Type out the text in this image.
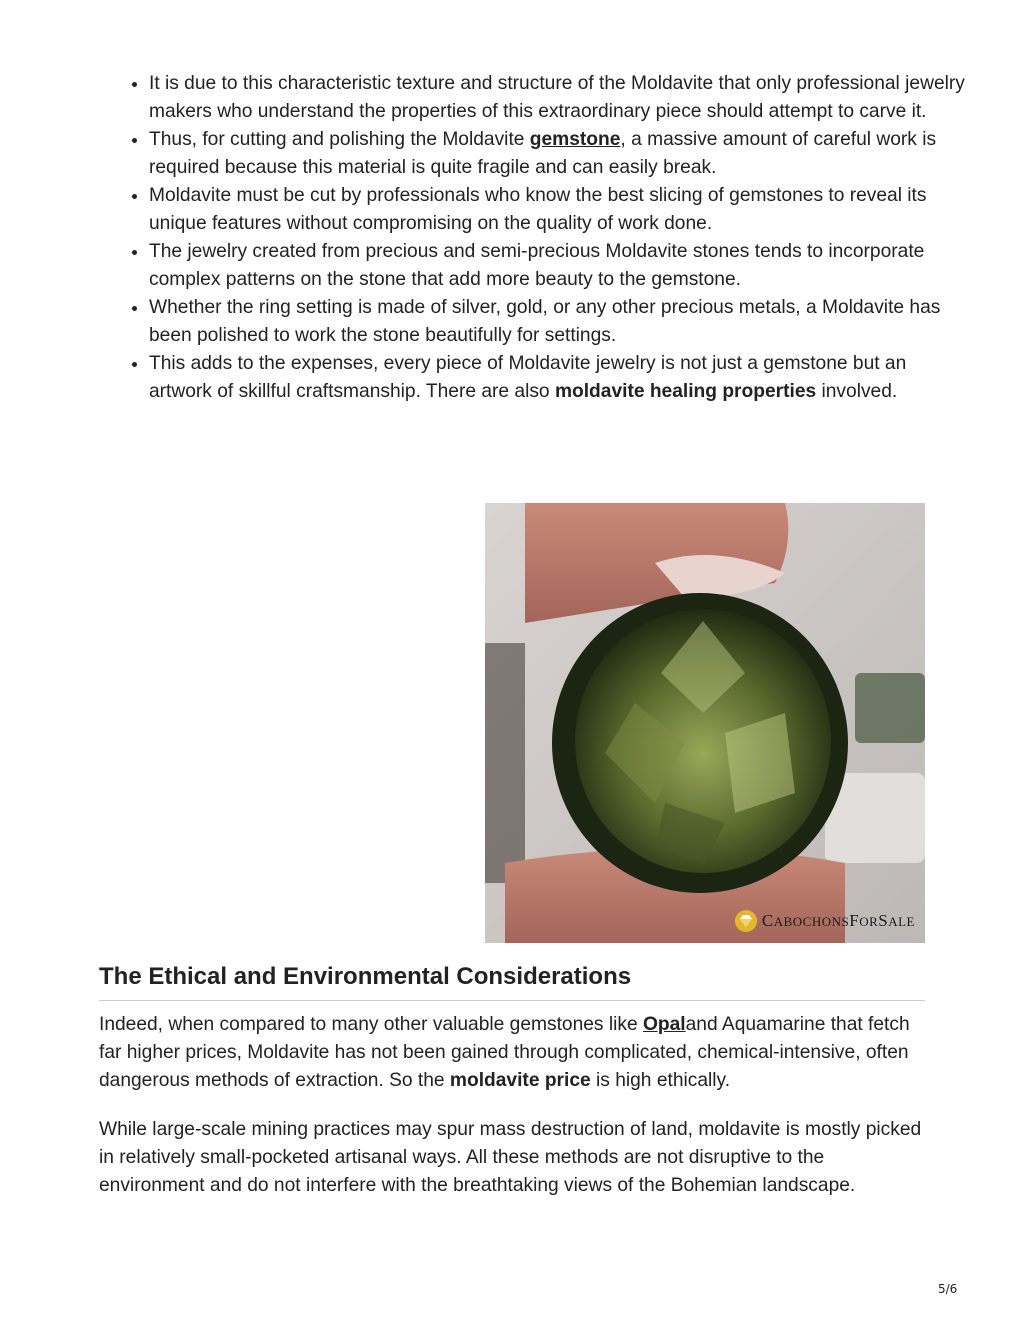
• It is due to this characteristic texture and structure of the Moldavite that only professional jewelry makers who understand the properties of this extraordinary piece should attempt to carve it.
• Thus, for cutting and polishing the Moldavite gemstone, a massive amount of careful work is required because this material is quite fragile and can easily break.
• Moldavite must be cut by professionals who know the best slicing of gemstones to reveal its unique features without compromising on the quality of work done.
• The jewelry created from precious and semi-precious Moldavite stones tends to incorporate complex patterns on the stone that add more beauty to the gemstone.
• Whether the ring setting is made of silver, gold, or any other precious metals, a Moldavite has been polished to work the stone beautifully for settings.
• This adds to the expenses, every piece of Moldavite jewelry is not just a gemstone but an artwork of skillful craftsmanship. There are also moldavite healing properties involved.
CABOCHONSFORSALE
The Ethical and Environmental Considerations

Indeed, when compared to many other valuable gemstones like Opaland Aquamarine that fetch far higher prices, Moldavite has not been gained through complicated, chemical-intensive, often dangerous methods of extraction. So the moldavite price is high ethically.

While large-scale mining practices may spur mass destruction of land, moldavite is mostly picked in relatively small-pocketed artisanal ways. All these methods are not disruptive to the environment and do not interfere with the breathtaking views of the Bohemian landscape.

5/6
